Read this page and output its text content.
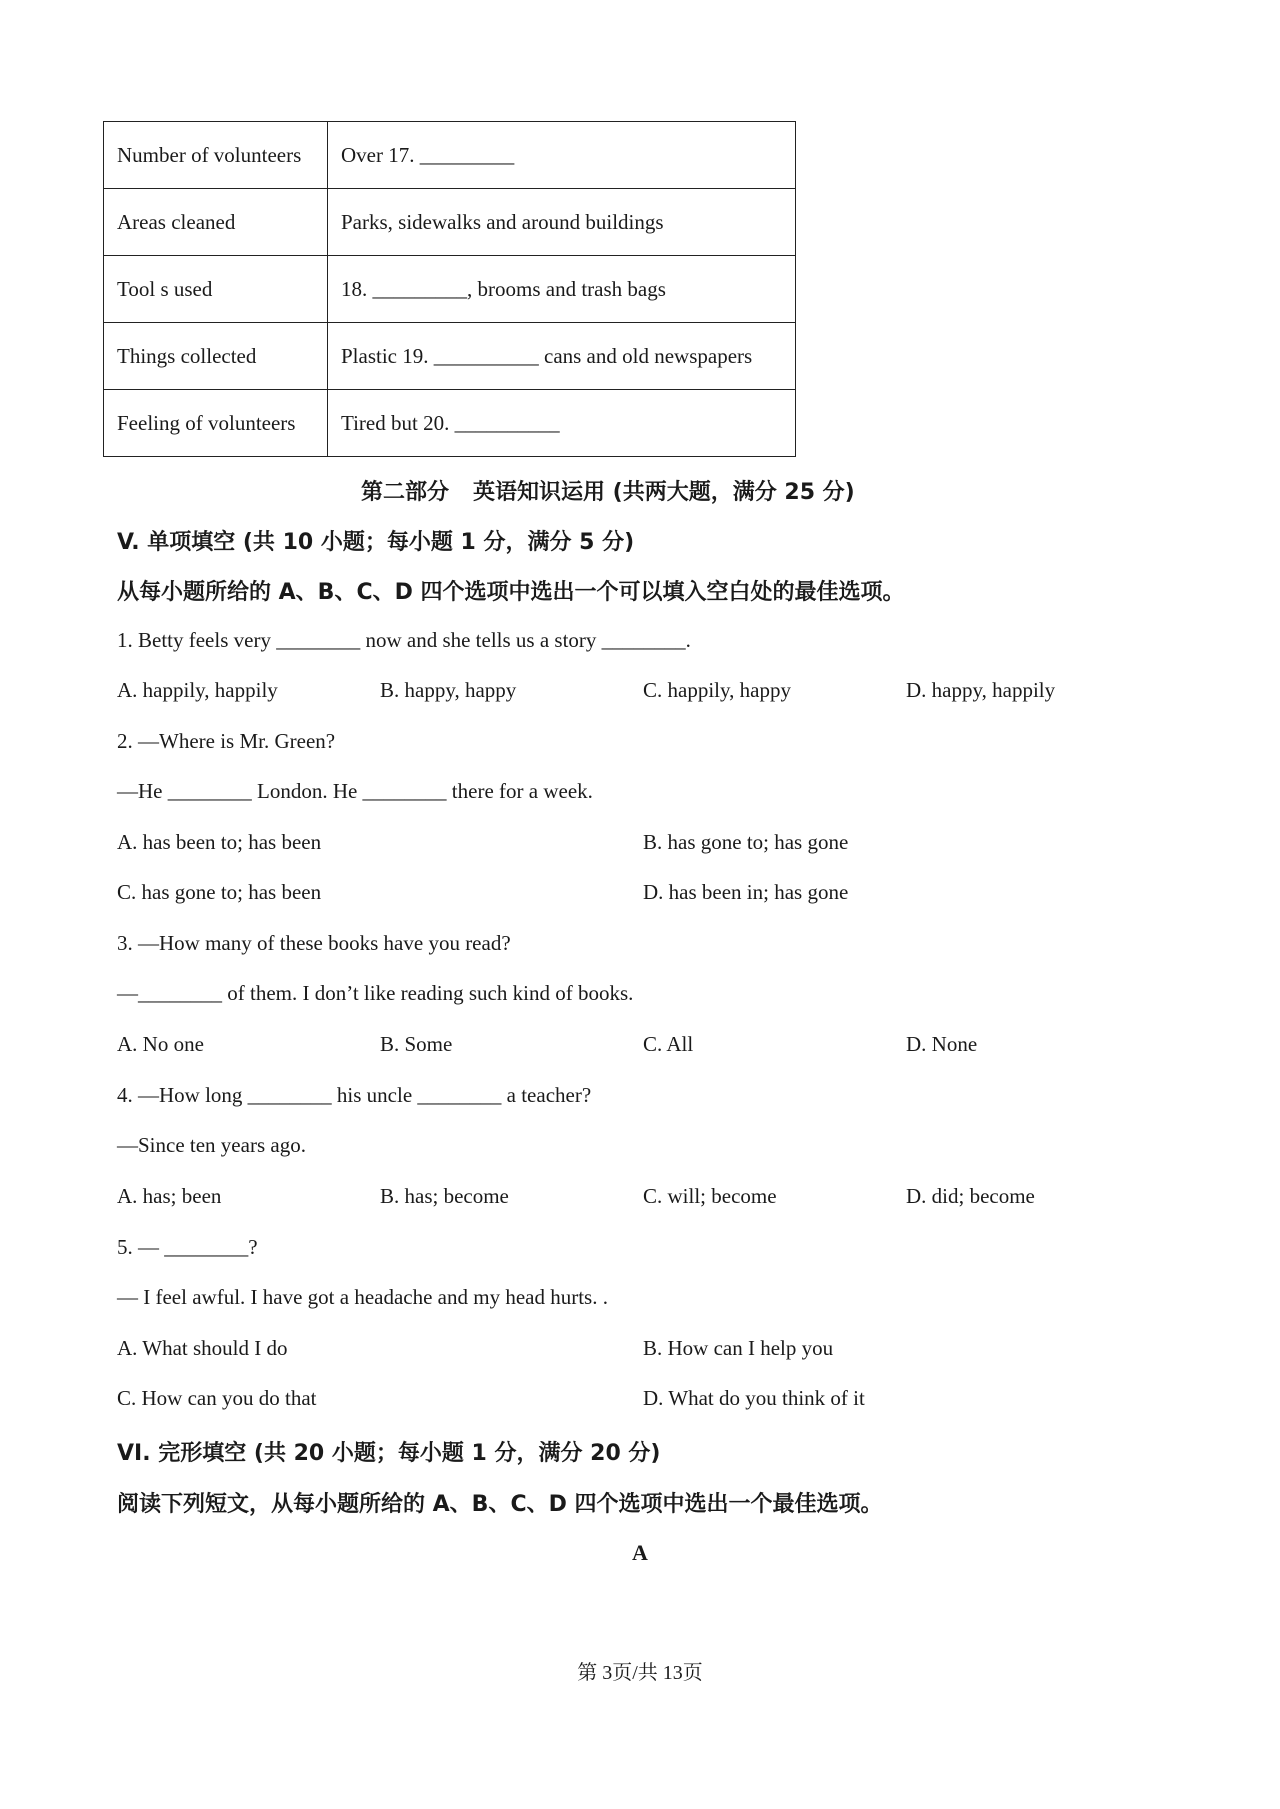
Number of volunteers	Over 17. _________
Areas cleaned	Parks, sidewalks and around buildings
Tool s used	18. _________, brooms and trash bags
Things collected	Plastic 19. __________ cans and old newspapers
Feeling of volunteers	Tired but 20. __________
第二部分 英语知识运用 (共两大题，满分 25 分)
V. 单项填空 (共 10 小题；每小题 1 分，满分 5 分)
从每小题所给的 A、B、C、D 四个选项中选出一个可以填入空白处的最佳选项。
1. Betty feels very ________ now and she tells us a story ________.
A. happily, happily	B. happy, happy	C. happily, happy	D. happy, happily
2. —Where is Mr. Green?
—He ________ London. He ________ there for a week.
A. has been to; has been	B. has gone to; has gone
C. has gone to; has been	D. has been in; has gone
3. —How many of these books have you read?
—________ of them. I don’t like reading such kind of books.
A. No one	B. Some	C. All	D. None
4. —How long ________ his uncle ________ a teacher?
—Since ten years ago.
A. has; been	B. has; become	C. will; become	D. did; become
5. — ________?
— I feel awful. I have got a headache and my head hurts. .
A. What should I do	B. How can I help you
C. How can you do that	D. What do you think of it
VI. 完形填空 (共 20 小题；每小题 1 分，满分 20 分)
阅读下列短文，从每小题所给的 A、B、C、D 四个选项中选出一个最佳选项。
A
第 3页/共 13页
